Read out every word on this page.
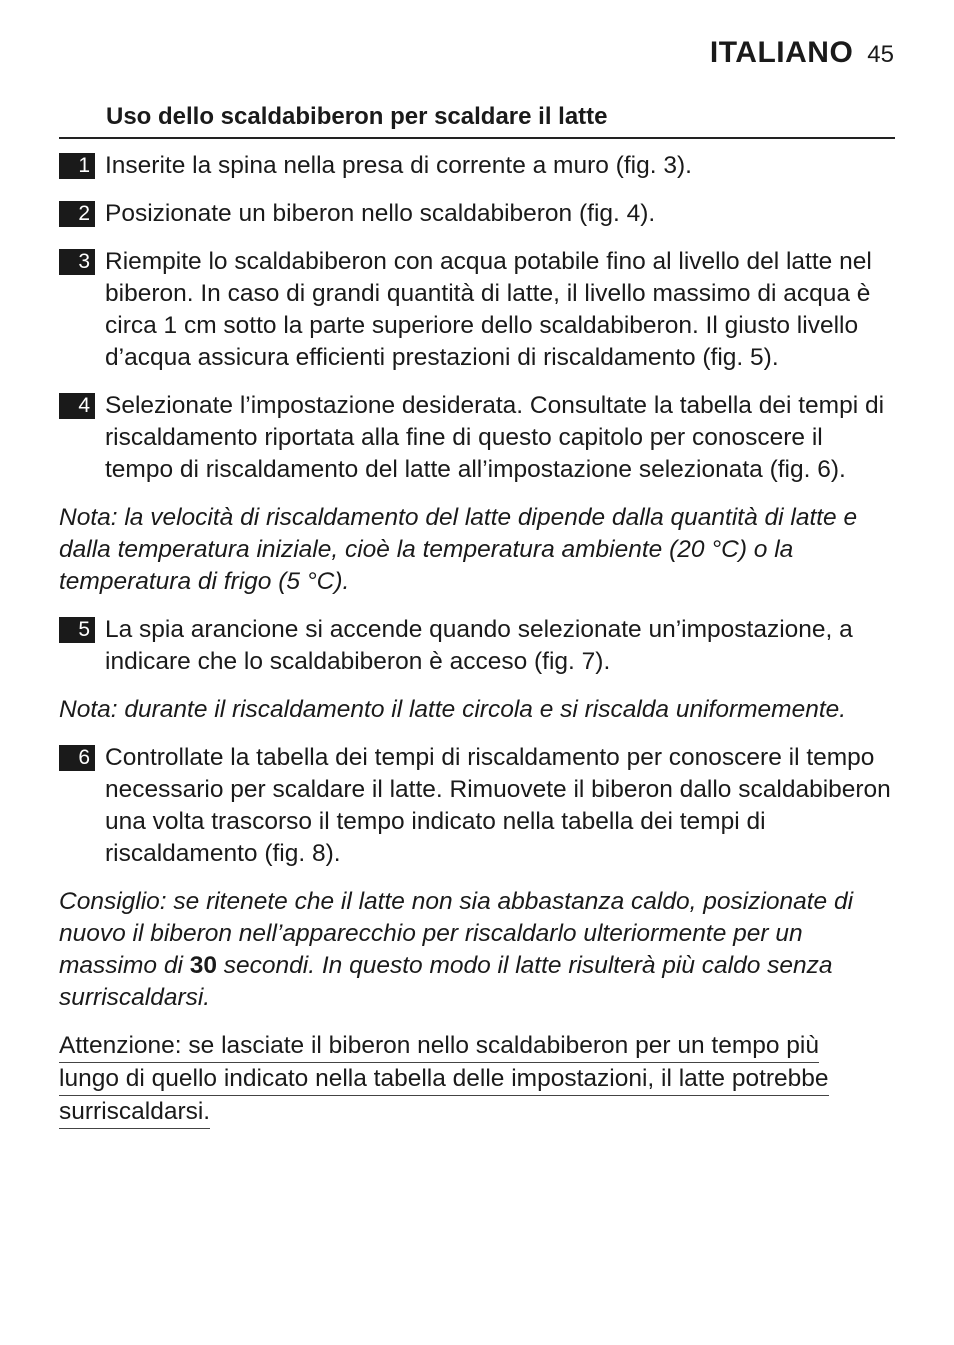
ITALIANO 45
Uso dello scaldabiberon per scaldare il latte
1 Inserite la spina nella presa di corrente a muro (fig. 3).
2 Posizionate un biberon nello scaldabiberon (fig. 4).
3 Riempite lo scaldabiberon con acqua potabile fino al livello del latte nel biberon. In caso di grandi quantità di latte, il livello massimo di acqua è circa 1 cm sotto la parte superiore dello scaldabiberon. Il giusto livello d’acqua assicura efficienti prestazioni di riscaldamento (fig. 5).
4 Selezionate l’impostazione desiderata. Consultate la tabella dei tempi di riscaldamento riportata alla fine di questo capitolo per conoscere il tempo di riscaldamento del latte all’impostazione selezionata (fig. 6).
Nota: la velocità di riscaldamento del latte dipende dalla quantità di latte e dalla temperatura iniziale, cioè la temperatura ambiente (20 °C) o la temperatura di frigo (5 °C).
5 La spia arancione si accende quando selezionate un’impostazione, a indicare che lo scaldabiberon è acceso (fig. 7).
Nota: durante il riscaldamento il latte circola e si riscalda uniformemente.
6 Controllate la tabella dei tempi di riscaldamento per conoscere il tempo necessario per scaldare il latte. Rimuovete il biberon dallo scaldabiberon una volta trascorso il tempo indicato nella tabella dei tempi di riscaldamento (fig. 8).
Consiglio: se ritenete che il latte non sia abbastanza caldo, posizionate di nuovo il biberon nell’apparecchio per riscaldarlo ulteriormente per un massimo di 30 secondi. In questo modo il latte risulterà più caldo senza surriscaldarsi.
Attenzione: se lasciate il biberon nello scaldabiberon per un tempo più
lungo di quello indicato nella tabella delle impostazioni, il latte potrebbe
surriscaldarsi.
